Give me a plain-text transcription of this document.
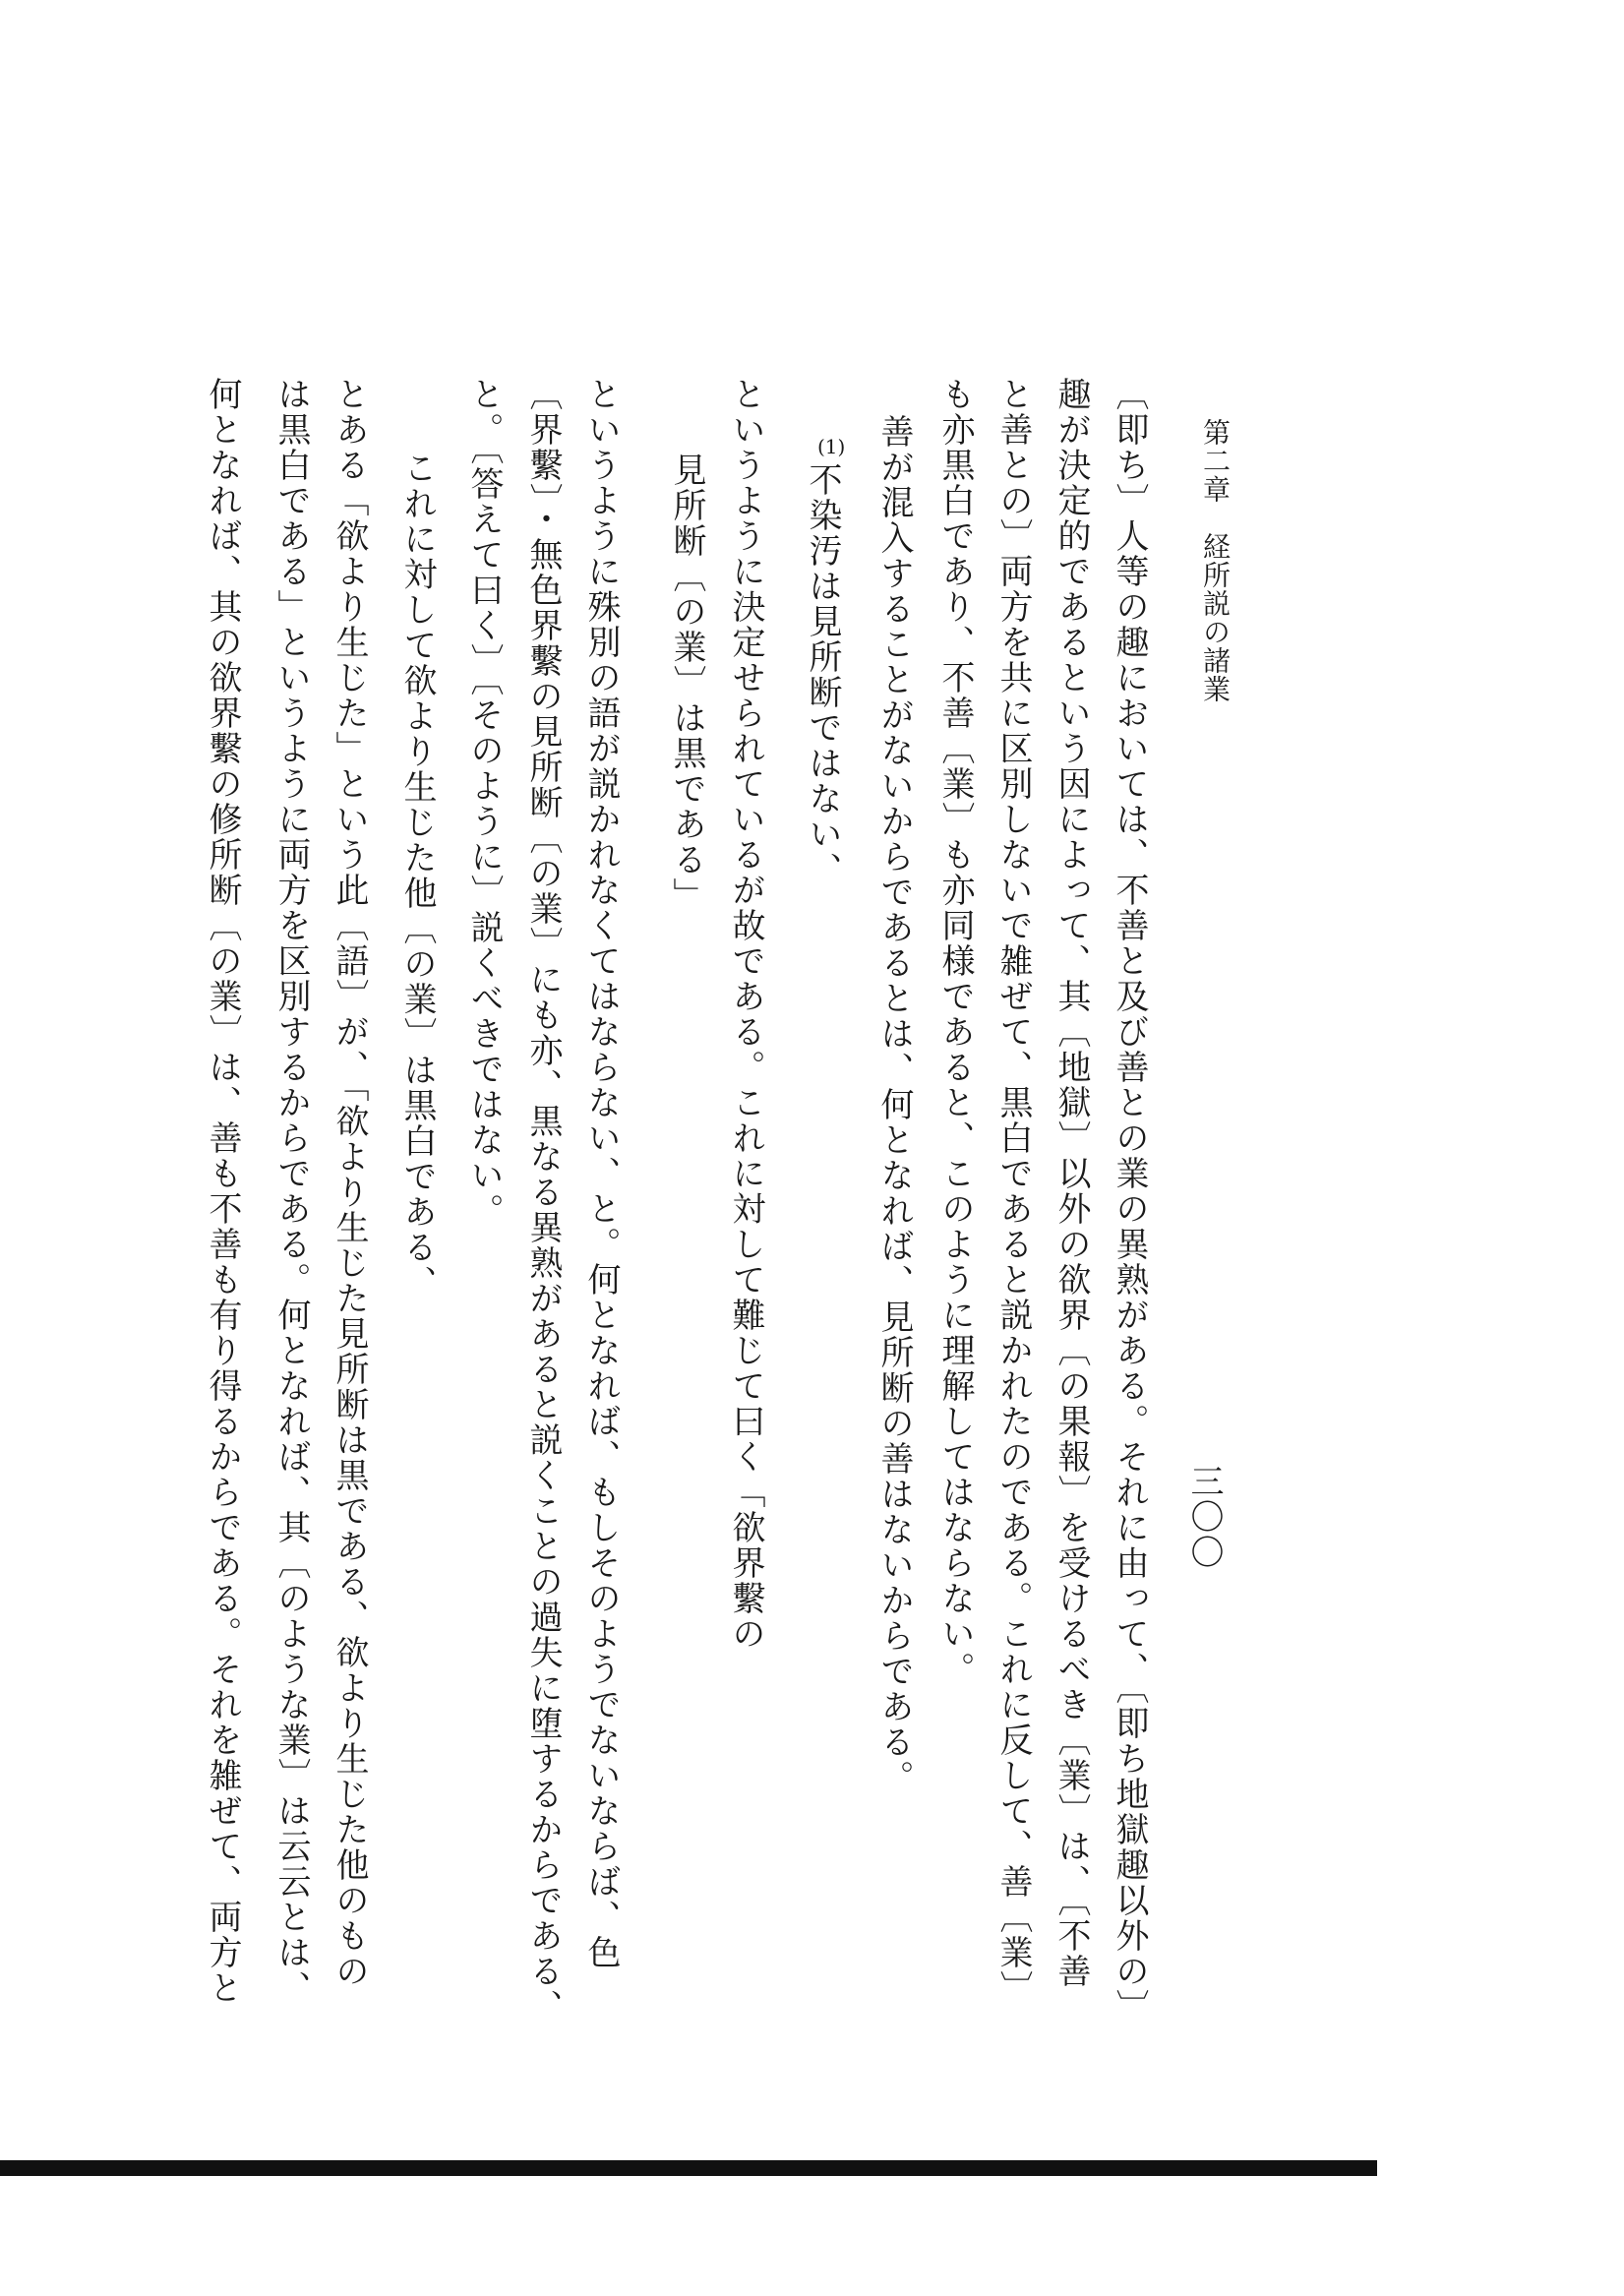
第二章　経所説の諸業
三〇〇
〔即ち〕人等の趣においては、不善と及び善との業の異熟がある。それに由って、〔即ち地獄趣以外の〕
趣が決定的であるという因によって、其〔地獄〕以外の欲界〔の果報〕を受けるべき〔業〕は、〔不善
と善との〕両方を共に区別しないで雑ぜて、黒白であると説かれたのである。これに反して、善〔業〕
も亦黒白であり、不善〔業〕も亦同様であると、このように理解してはならない。
善が混入することがないからであるとは、何となれば、見所断の善はないからである。
(1)
不染汚は見所断ではない、
というように決定せられているが故である。これに対して難じて曰く「欲界繫の
見所断〔の業〕は黒である」
というように殊別の語が説かれなくてはならない、と。何となれば、もしそのようでないならば、色
〔界繫〕・無色界繫の見所断〔の業〕にも亦、黒なる異熟があると説くことの過失に堕するからである、
と。〔答えて曰く〕〔そのように〕説くべきではない。
これに対して欲より生じた他〔の業〕は黒白である、
とある「欲より生じた」という此〔語〕が、「欲より生じた見所断は黒である、欲より生じた他のもの
は黒白である」というように両方を区別するからである。何となれば、其〔のような業〕は云云とは、
何となれば、其の欲界繫の修所断〔の業〕は、善も不善も有り得るからである。それを雑ぜて、両方と
